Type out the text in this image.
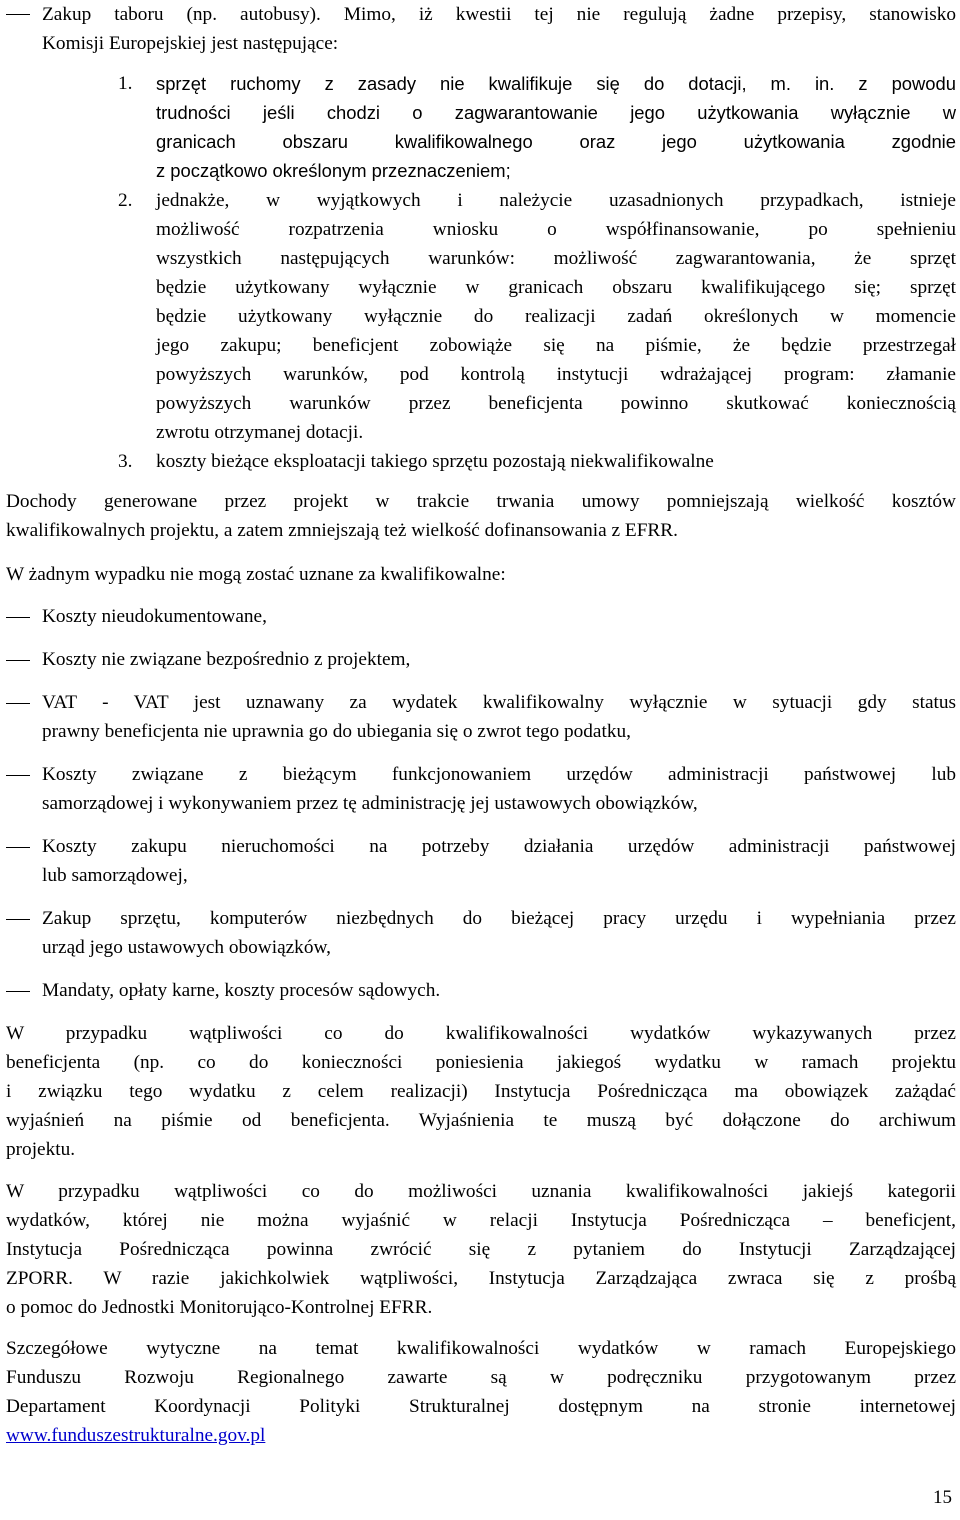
Zakup taboru (np. autobusy). Mimo, iż kwestii tej nie regulują żadne przepisy, stanowisko
Komisji Europejskiej jest następujące:
1. sprzęt ruchomy z zasady nie kwalifikuje się do dotacji, m. in. z powodu
trudności jeśli chodzi o zagwarantowanie jego użytkowania wyłącznie w
granicach obszaru kwalifikowalnego oraz jego użytkowania zgodnie
z początkowo określonym przeznaczeniem;
2. jednakże, w wyjątkowych i należycie uzasadnionych przypadkach, istnieje
możliwość rozpatrzenia wniosku o współfinansowanie, po spełnieniu
wszystkich następujących warunków: możliwość zagwarantowania, że sprzęt
będzie użytkowany wyłącznie w granicach obszaru kwalifikującego się; sprzęt
będzie użytkowany wyłącznie do realizacji zadań określonych w momencie
jego zakupu; beneficjent zobowiąże się na piśmie, że będzie przestrzegał
powyższych warunków, pod kontrolą instytucji wdrażającej program: złamanie
powyższych warunków przez beneficjenta powinno skutkować koniecznością
zwrotu otrzymanej dotacji.
3. koszty bieżące eksploatacji takiego sprzętu pozostają niekwalifikowalne
Dochody generowane przez projekt w trakcie trwania umowy pomniejszają wielkość kosztów
kwalifikowalnych projektu, a zatem zmniejszają też wielkość dofinansowania z EFRR.
W żadnym wypadku nie mogą zostać uznane za kwalifikowalne:
Koszty nieudokumentowane,
Koszty nie związane bezpośrednio z projektem,
VAT - VAT jest uznawany za wydatek kwalifikowalny wyłącznie w sytuacji gdy status
prawny beneficjenta nie uprawnia go do ubiegania się o zwrot tego podatku,
Koszty związane z bieżącym funkcjonowaniem urzędów administracji państwowej lub
samorządowej i wykonywaniem przez tę administrację jej ustawowych obowiązków,
Koszty zakupu nieruchomości na potrzeby działania urzędów administracji państwowej
lub samorządowej,
Zakup sprzętu, komputerów niezbędnych do bieżącej pracy urzędu i wypełniania przez
urząd jego ustawowych obowiązków,
Mandaty, opłaty karne, koszty procesów sądowych.
W przypadku wątpliwości co do kwalifikowalności wydatków wykazywanych przez
beneficjenta (np. co do konieczności poniesienia jakiegoś wydatku w ramach projektu
i związku tego wydatku z celem realizacji) Instytucja Pośrednicząca ma obowiązek zażądać
wyjaśnień na piśmie od beneficjenta. Wyjaśnienia te muszą być dołączone do archiwum
projektu.
W przypadku wątpliwości co do możliwości uznania kwalifikowalności jakiejś kategorii
wydatków, której nie można wyjaśnić w relacji Instytucja Pośrednicząca – beneficjent,
Instytucja Pośrednicząca powinna zwrócić się z pytaniem do Instytucji Zarządzającej
ZPORR. W razie jakichkolwiek wątpliwości, Instytucja Zarządzająca zwraca się z prośbą
o pomoc do Jednostki Monitorująco-Kontrolnej EFRR.
Szczegółowe wytyczne na temat kwalifikowalności wydatków w ramach Europejskiego
Funduszu Rozwoju Regionalnego zawarte są w podręczniku przygotowanym przez
Departament Koordynacji Polityki Strukturalnej dostępnym na stronie internetowej
www.funduszestrukturalne.gov.pl
15
